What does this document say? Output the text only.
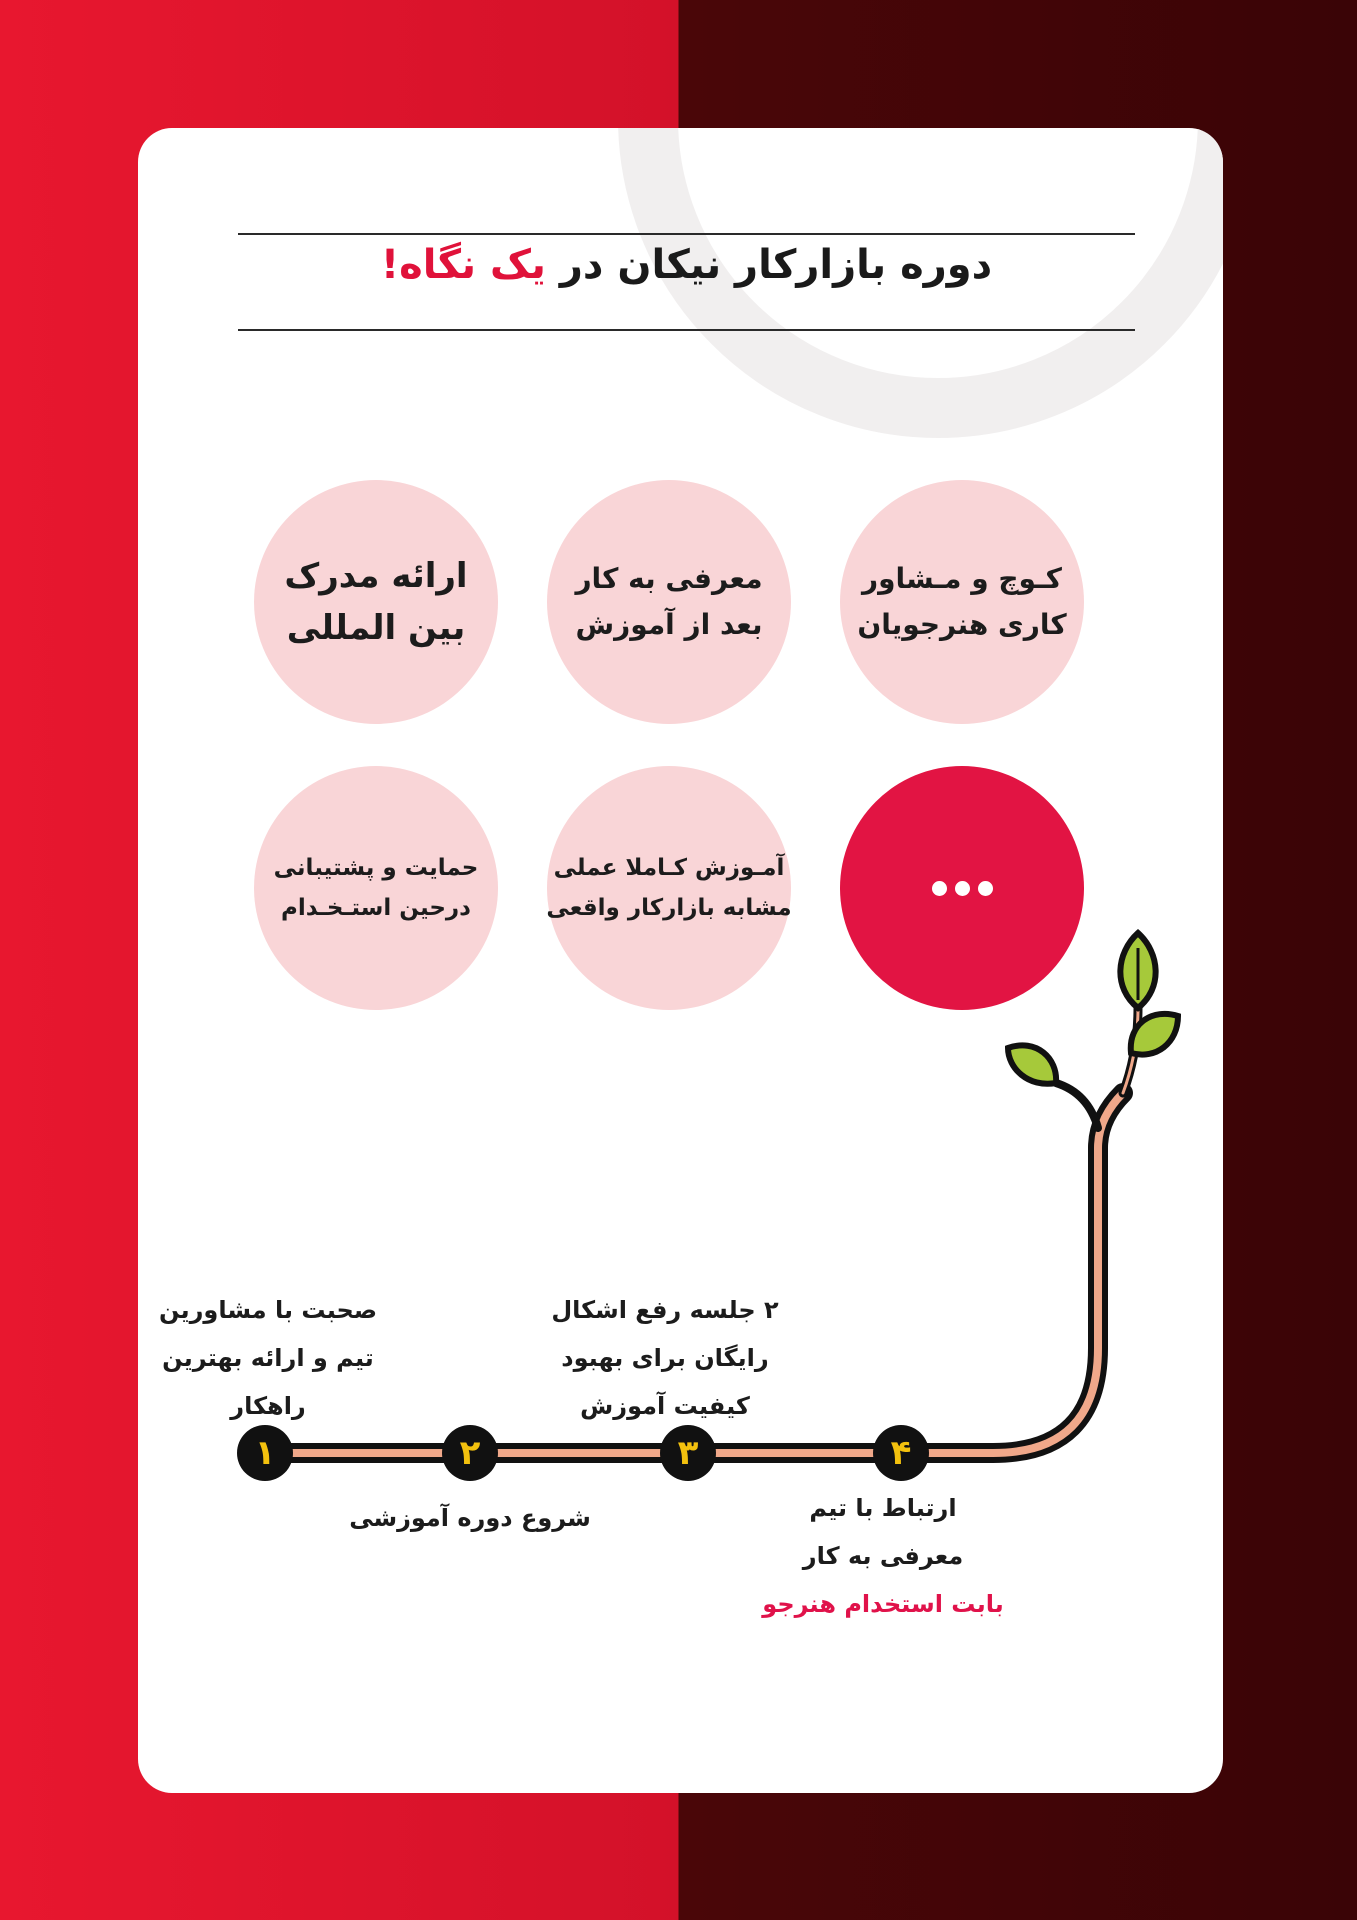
دوره بازارکار نیکان در یک نگاه!
کـوچ و مـشاور
کاری هنرجویان
معرفی به کار
بعد از آموزش
ارائه مدرک
بین المللی
آمـوزش کـاملا عملی
مشابه بازارکار واقعی
حمایت و پشتیبانی
درحین استـخـدام
۱	۲	۳	۴
صحبت با مشاورین
تیم و ارائه بهترین
راهکار
شروع دوره آموزشی
۲ جلسه رفع اشکال
رایگان برای بهبود
کیفیت آموزش
ارتباط با تیم
معرفی به کار
بابت استخدام هنرجو
